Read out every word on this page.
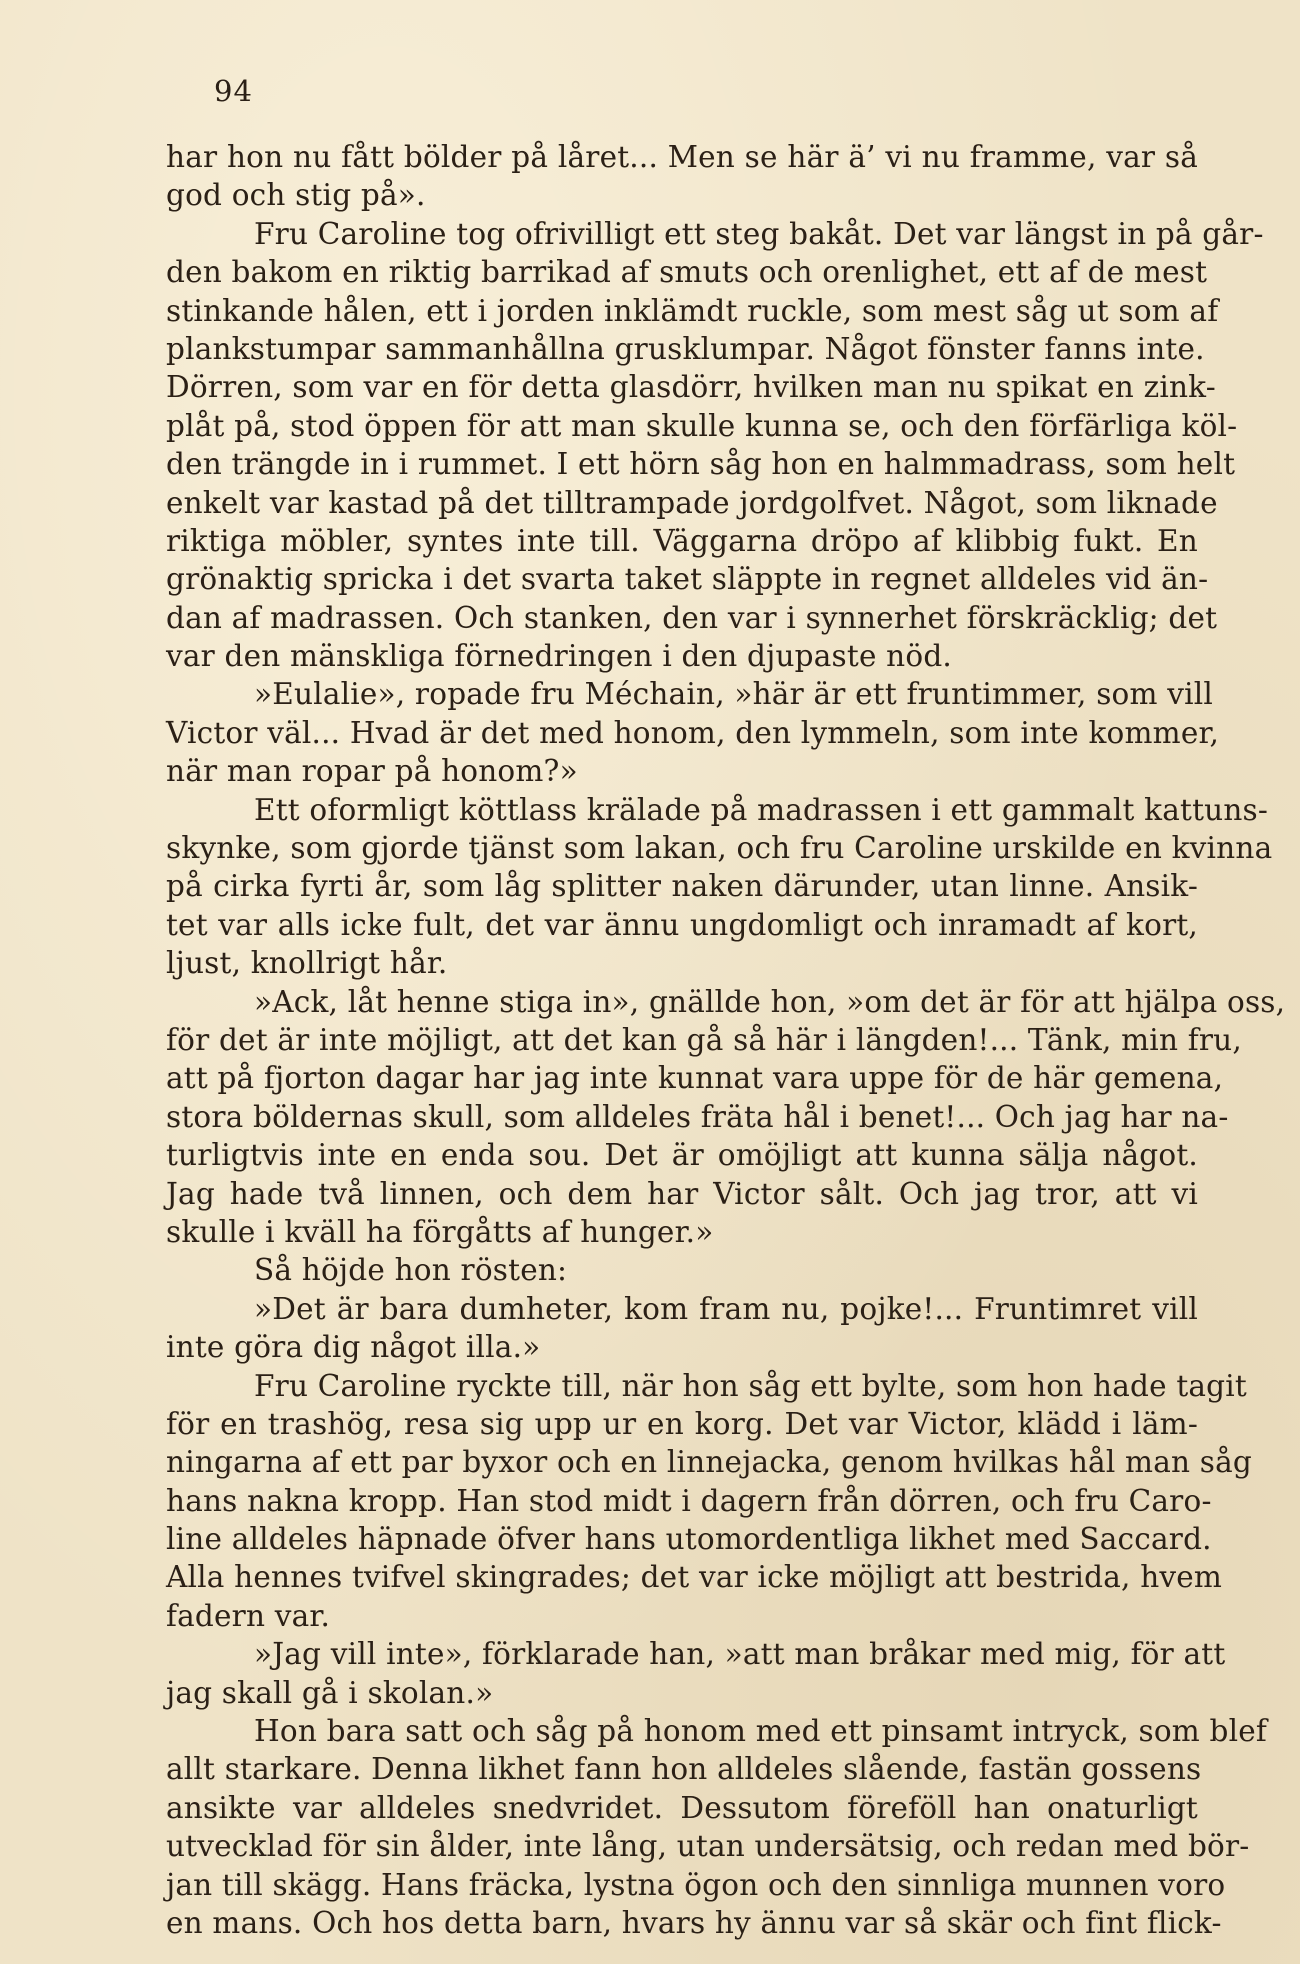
94
har hon nu fått bölder på låret... Men se här ä’ vi nu framme, var så
god och stig på».
Fru Caroline tog ofrivilligt ett steg bakåt. Det var längst in på går-
den bakom en riktig barrikad af smuts och orenlighet, ett af de mest
stinkande hålen, ett i jorden inklämdt ruckle, som mest såg ut som af
plankstumpar sammanhållna grusklumpar. Något fönster fanns inte.
Dörren, som var en för detta glasdörr, hvilken man nu spikat en zink-
plåt på, stod öppen för att man skulle kunna se, och den förfärliga köl-
den trängde in i rummet. I ett hörn såg hon en halmmadrass, som helt
enkelt var kastad på det tilltrampade jordgolfvet. Något, som liknade
riktiga möbler, syntes inte till. Väggarna dröpo af klibbig fukt. En
grönaktig spricka i det svarta taket släppte in regnet alldeles vid än-
dan af madrassen. Och stanken, den var i synnerhet förskräcklig; det
var den mänskliga förnedringen i den djupaste nöd.
»Eulalie», ropade fru Méchain, »här är ett fruntimmer, som vill
Victor väl... Hvad är det med honom, den lymmeln, som inte kommer,
när man ropar på honom?»
Ett oformligt köttlass krälade på madrassen i ett gammalt kattuns-
skynke, som gjorde tjänst som lakan, och fru Caroline urskilde en kvinna
på cirka fyrti år, som låg splitter naken därunder, utan linne. Ansik-
tet var alls icke fult, det var ännu ungdomligt och inramadt af kort,
ljust, knollrigt hår.
»Ack, låt henne stiga in», gnällde hon, »om det är för att hjälpa oss,
för det är inte möjligt, att det kan gå så här i längden!... Tänk, min fru,
att på fjorton dagar har jag inte kunnat vara uppe för de här gemena,
stora böldernas skull, som alldeles fräta hål i benet!... Och jag har na-
turligtvis inte en enda sou. Det är omöjligt att kunna sälja något.
Jag hade två linnen, och dem har Victor sålt. Och jag tror, att vi
skulle i kväll ha förgåtts af hunger.»
Så höjde hon rösten:
»Det är bara dumheter, kom fram nu, pojke!... Fruntimret vill
inte göra dig något illa.»
Fru Caroline ryckte till, när hon såg ett bylte, som hon hade tagit
för en trashög, resa sig upp ur en korg. Det var Victor, klädd i läm-
ningarna af ett par byxor och en linnejacka, genom hvilkas hål man såg
hans nakna kropp. Han stod midt i dagern från dörren, och fru Caro-
line alldeles häpnade öfver hans utomordentliga likhet med Saccard.
Alla hennes tvifvel skingrades; det var icke möjligt att bestrida, hvem
fadern var.
»Jag vill inte», förklarade han, »att man bråkar med mig, för att
jag skall gå i skolan.»
Hon bara satt och såg på honom med ett pinsamt intryck, som blef
allt starkare. Denna likhet fann hon alldeles slående, fastän gossens
ansikte var alldeles snedvridet. Dessutom föreföll han onaturligt
utvecklad för sin ålder, inte lång, utan undersätsig, och redan med bör-
jan till skägg. Hans fräcka, lystna ögon och den sinnliga munnen voro
en mans. Och hos detta barn, hvars hy ännu var så skär och fint flick-
